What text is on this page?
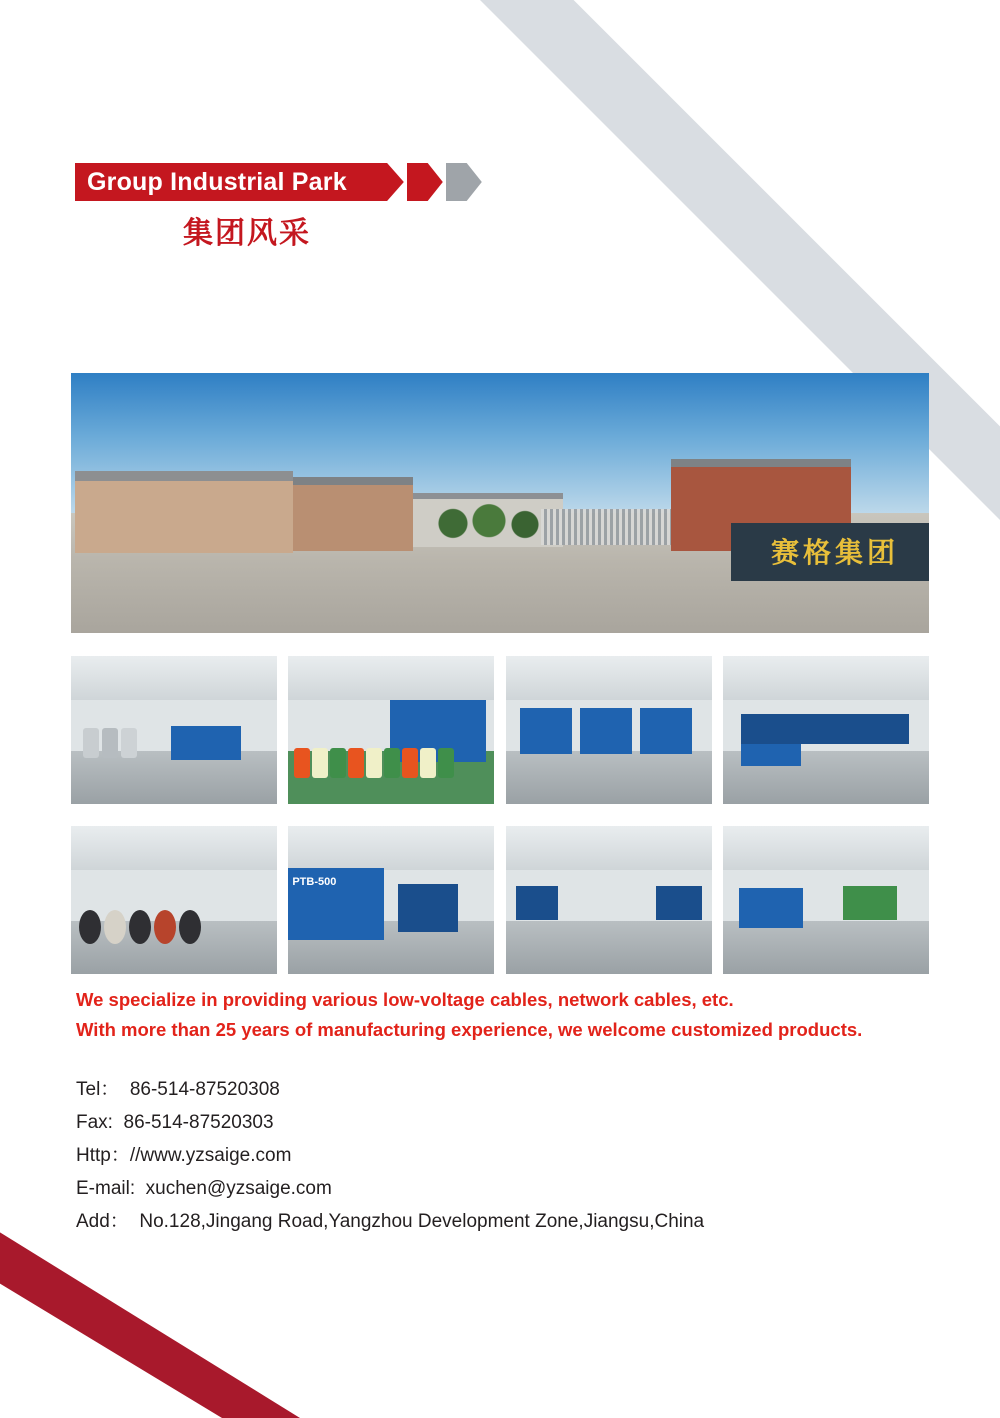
Group Industrial Park
集团风采
赛格集团
PTB-500
We specialize in providing various low-voltage cables, network cables, etc.
With more than 25 years of manufacturing experience, we welcome customized products.
Tel：  86-514-87520308
Fax:  86-514-87520303
Http：//www.yzsaige.com
E-mail:  xuchen@yzsaige.com
Add：  No.128,Jingang Road,Yangzhou Development Zone,Jiangsu,China
